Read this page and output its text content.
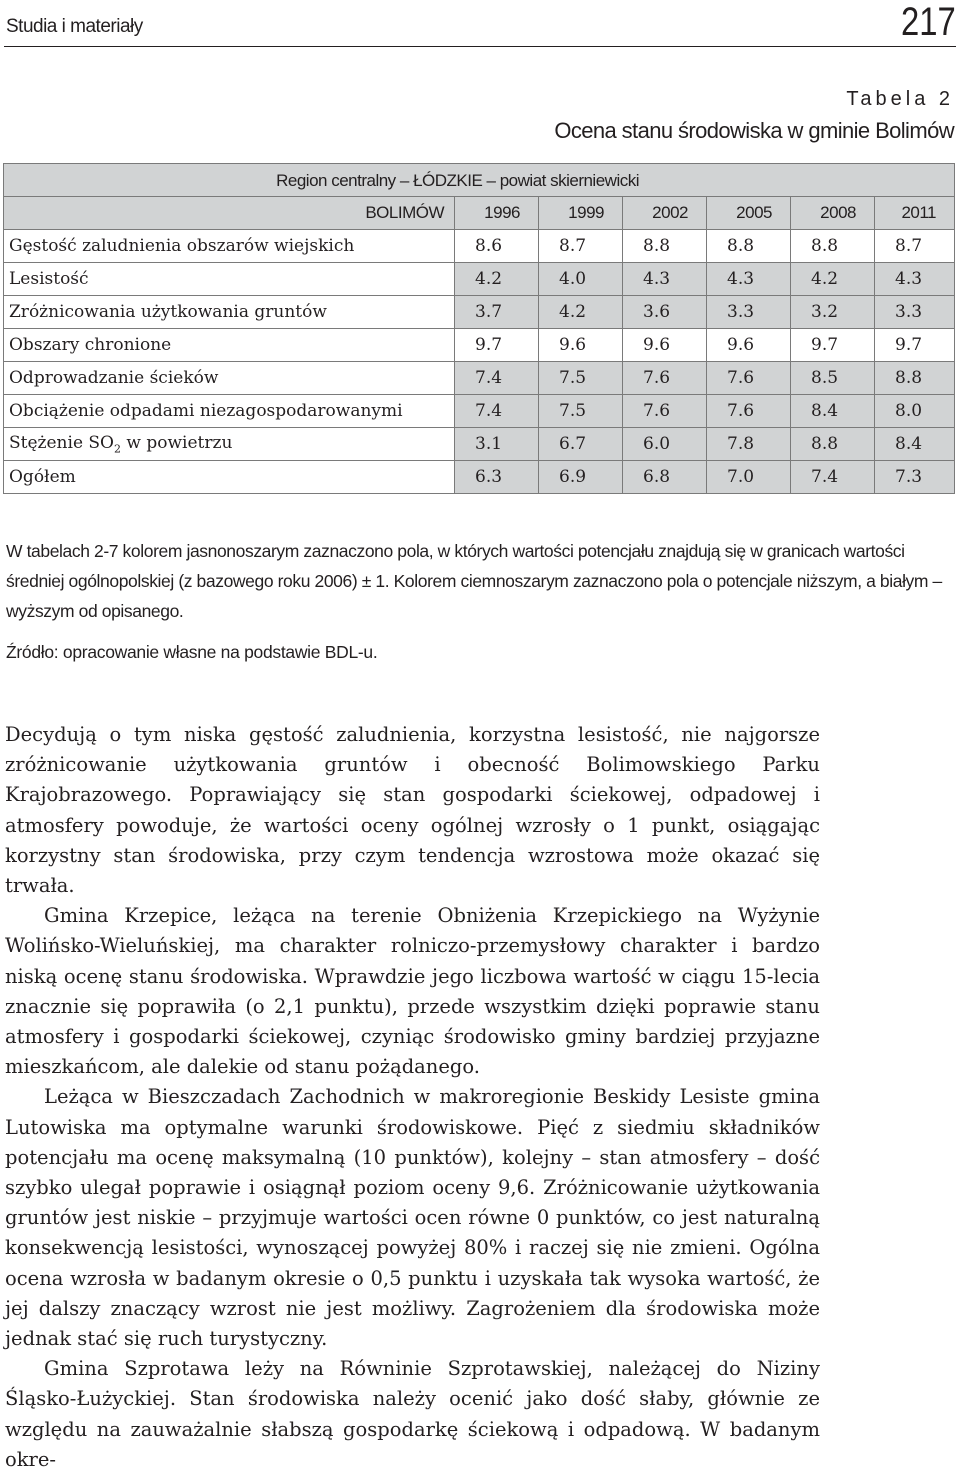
Studia i materiały	217
Tabela 2
Ocena stanu środowiska w gminie Bolimów
Region centralny – ŁÓDZKIE – powiat skierniewicki						
BOLIMÓW	1996	1999	2002	2005	2008	2011
Gęstość zaludnienia obszarów wiejskich	8.6	8.7	8.8	8.8	8.8	8.7
Lesistość	4.2	4.0	4.3	4.3	4.2	4.3
Zróżnicowania użytkowania gruntów	3.7	4.2	3.6	3.3	3.2	3.3
Obszary chronione	9.7	9.6	9.6	9.6	9.7	9.7
Odprowadzanie ścieków	7.4	7.5	7.6	7.6	8.5	8.8
Obciążenie odpadami niezagospodarowanymi	7.4	7.5	7.6	7.6	8.4	8.0
Stężenie $SO_2$ w powietrzu	3.1	6.7	6.0	7.8	8.8	8.4
Ogółem	6.3	6.9	6.8	7.0	7.4	7.3
W tabelach 2-7 kolorem jasnonoszarym zaznaczono pola, w których wartości potencjału znajdują się w granicach wartości średniej ogólnopolskiej (z bazowego roku 2006) ± 1. Kolorem ciemnoszarym zaznaczono pola o potencjale niższym, a białym – wyższym od opisanego.
Źródło: opracowanie własne na podstawie BDL-u.

Decydują o tym niska gęstość zaludnienia, korzystna lesistość, nie najgorsze zróżnicowanie użytkowania gruntów i obecność Bolimowskiego Parku Krajobrazowego. Poprawiający się stan gospodarki ściekowej, odpadowej i atmosfery powoduje, że wartości oceny ogólnej wzrosły o 1 punkt, osiągając korzystny stan środowiska, przy czym tendencja wzrostowa może okazać się trwała.

Gmina Krzepice, leżąca na terenie Obniżenia Krzepickiego na Wyżynie Wolińsko-Wieluńskiej, ma charakter rolniczo-przemysłowy charakter i bardzo niską ocenę stanu środowiska. Wprawdzie jego liczbowa wartość w ciągu 15-lecia znacznie się poprawiła (o 2,1 punktu), przede wszystkim dzięki poprawie stanu atmosfery i gospodarki ściekowej, czyniąc środowisko gminy bardziej przyjazne mieszkańcom, ale dalekie od stanu pożądanego.

Leżąca w Bieszczadach Zachodnich w makroregionie Beskidy Lesiste gmina Lutowiska ma optymalne warunki środowiskowe. Pięć z siedmiu składników potencjału ma ocenę maksymalną (10 punktów), kolejny – stan atmosfery – dość szybko ulegał poprawie i osiągnął poziom oceny 9,6. Zróżnicowanie użytkowania gruntów jest niskie – przyjmuje wartości ocen równe 0 punktów, co jest naturalną konsekwencją lesistości, wynoszącej powyżej 80% i raczej się nie zmieni. Ogólna ocena wzrosła w badanym okresie o 0,5 punktu i uzyskała tak wysoka wartość, że jej dalszy znaczący wzrost nie jest możliwy. Zagrożeniem dla środowiska może jednak stać się ruch turystyczny.

Gmina Szprotawa leży na Równinie Szprotawskiej, należącej do Niziny Śląsko-Łużyckiej. Stan środowiska należy ocenić jako dość słaby, głównie ze względu na zauważalnie słabszą gospodarkę ściekową i odpadową. W badanym okre-
